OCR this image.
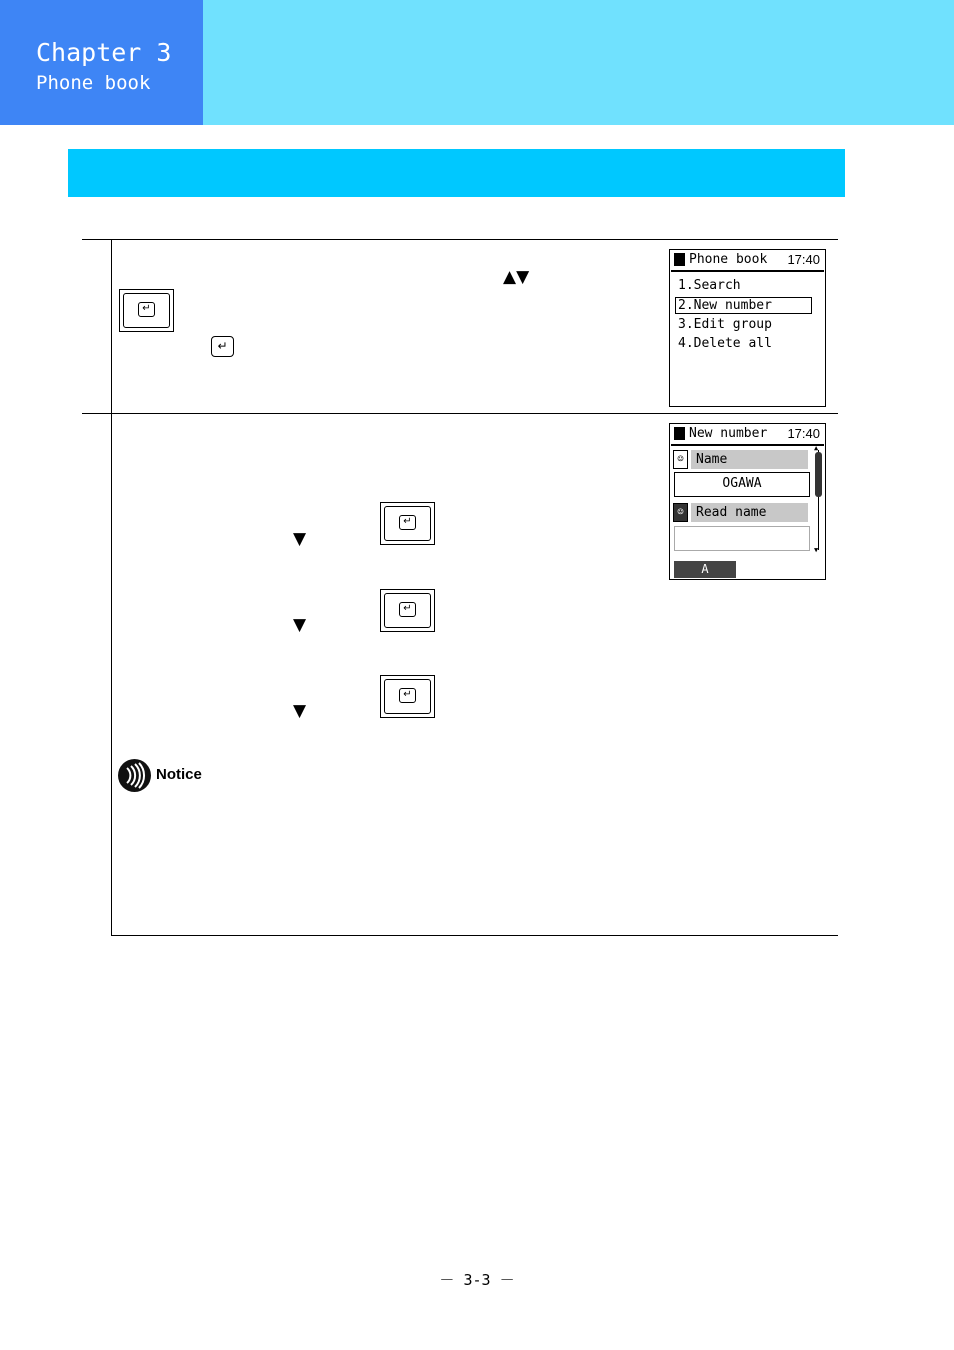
Chapter 3
Phone book
↵
↵
▲▼
Phone book 17:40
1.Search
2.New number
3.Edit group
4.Delete all
▼
↵
▼
↵
▼
↵
New number 17:40
☺ Name
OGAWA
☺ Read name
▲
▼
A
Notice
－ 3-3 －
